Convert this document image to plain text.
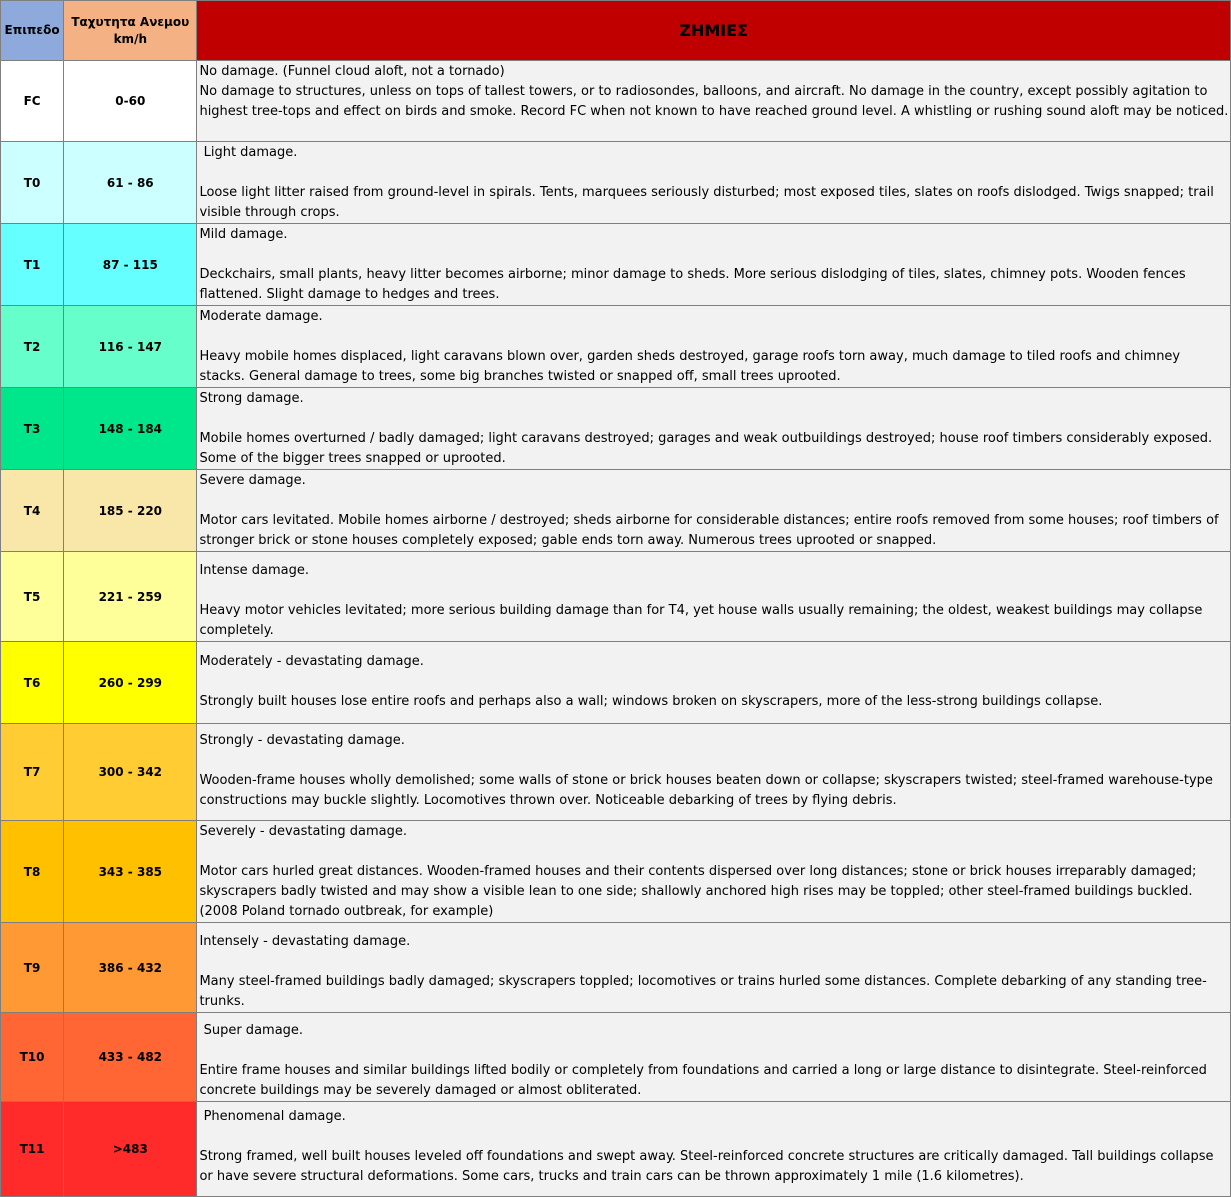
Επιπεδο	Ταχυτητα Ανεμου km/h	ΖΗΜΙΕΣ
FC	0-60	No damage. (Funnel cloud aloft, not a tornado)
No damage to structures, unless on tops of tallest towers, or to radiosondes, balloons, and aircraft. No damage in the country, except possibly agitation to highest tree-tops and effect on birds and smoke. Record FC when not known to have reached ground level. A whistling or rushing sound aloft may be noticed.

T0	61 - 86	Light damage.
Loose light litter raised from ground-level in spirals. Tents, marquees seriously disturbed; most exposed tiles, slates on roofs dislodged. Twigs snapped; trail visible through crops.

T1	87 - 115	Mild damage.
Deckchairs, small plants, heavy litter becomes airborne; minor damage to sheds. More serious dislodging of tiles, slates, chimney pots. Wooden fences flattened. Slight damage to hedges and trees.

T2	116 - 147	Moderate damage.
Heavy mobile homes displaced, light caravans blown over, garden sheds destroyed, garage roofs torn away, much damage to tiled roofs and chimney stacks. General damage to trees, some big branches twisted or snapped off, small trees uprooted.

T3	148 - 184	Strong damage.
Mobile homes overturned / badly damaged; light caravans destroyed; garages and weak outbuildings destroyed; house roof timbers considerably exposed. Some of the bigger trees snapped or uprooted.

T4	185 - 220	Severe damage.
Motor cars levitated. Mobile homes airborne / destroyed; sheds airborne for considerable distances; entire roofs removed from some houses; roof timbers of stronger brick or stone houses completely exposed; gable ends torn away. Numerous trees uprooted or snapped.

T5	221 - 259	Intense damage.
Heavy motor vehicles levitated; more serious building damage than for T4, yet house walls usually remaining; the oldest, weakest buildings may collapse completely.

T6	260 - 299	Moderately - devastating damage.
Strongly built houses lose entire roofs and perhaps also a wall; windows broken on skyscrapers, more of the less-strong buildings collapse.

T7	300 - 342	Strongly - devastating damage.
Wooden-frame houses wholly demolished; some walls of stone or brick houses beaten down or collapse; skyscrapers twisted; steel-framed warehouse-type constructions may buckle slightly. Locomotives thrown over. Noticeable debarking of trees by flying debris.

T8	343 - 385	Severely - devastating damage.
Motor cars hurled great distances. Wooden-framed houses and their contents dispersed over long distances; stone or brick houses irreparably damaged; skyscrapers badly twisted and may show a visible lean to one side; shallowly anchored high rises may be toppled; other steel-framed buildings buckled. (2008 Poland tornado outbreak, for example)

T9	386 - 432	Intensely - devastating damage.
Many steel-framed buildings badly damaged; skyscrapers toppled; locomotives or trains hurled some distances. Complete debarking of any standing tree-trunks.

T10	433 - 482	Super damage.
Entire frame houses and similar buildings lifted bodily or completely from foundations and carried a long or large distance to disintegrate. Steel-reinforced concrete buildings may be severely damaged or almost obliterated.

T11	>483	Phenomenal damage.
Strong framed, well built houses leveled off foundations and swept away. Steel-reinforced concrete structures are critically damaged. Tall buildings collapse or have severe structural deformations. Some cars, trucks and train cars can be thrown approximately 1 mile (1.6 kilometres).
